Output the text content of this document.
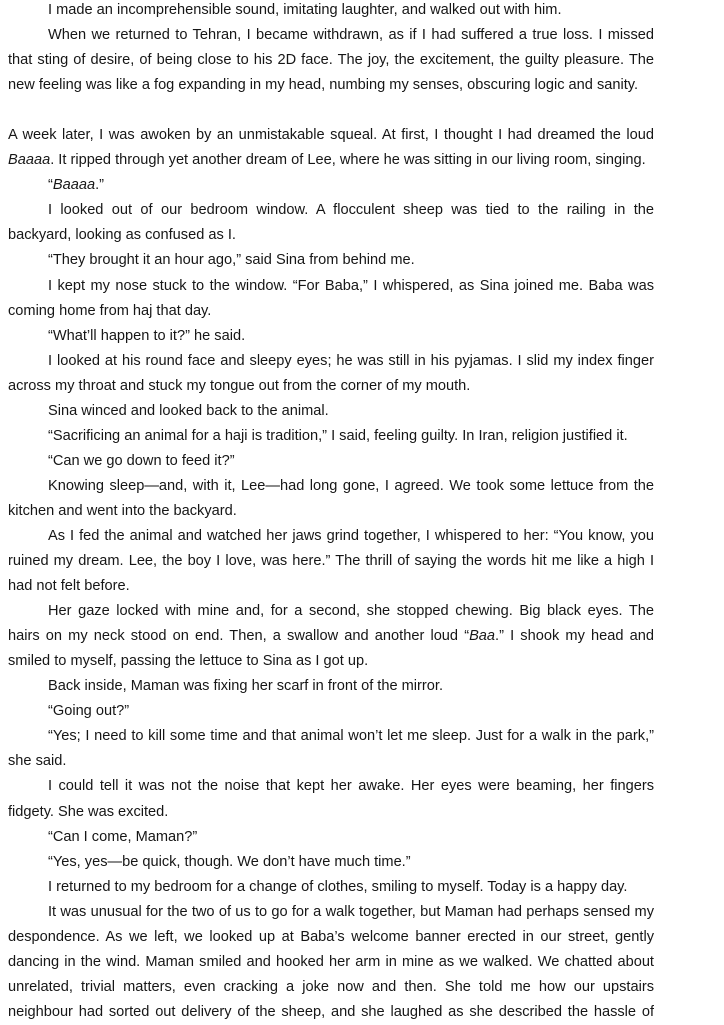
I made an incomprehensible sound, imitating laughter, and walked out with him.
When we returned to Tehran, I became withdrawn, as if I had suffered a true loss. I missed
that sting of desire, of being close to his 2D face. The joy, the excitement, the guilty pleasure. The
new feeling was like a fog expanding in my head, numbing my senses, obscuring logic and sanity.
A week later, I was awoken by an unmistakable squeal. At first, I thought I had dreamed the loud
Baaaa. It ripped through yet another dream of Lee, where he was sitting in our living room, singing.
“Baaaa.”
I looked out of our bedroom window. A flocculent sheep was tied to the railing in the
backyard, looking as confused as I.
“They brought it an hour ago,” said Sina from behind me.
I kept my nose stuck to the window. “For Baba,” I whispered, as Sina joined me. Baba was
coming home from haj that day.
“What’ll happen to it?” he said.
I looked at his round face and sleepy eyes; he was still in his pyjamas. I slid my index finger
across my throat and stuck my tongue out from the corner of my mouth.
Sina winced and looked back to the animal.
“Sacrificing an animal for a haji is tradition,” I said, feeling guilty. In Iran, religion justified it.
“Can we go down to feed it?”
Knowing sleep—and, with it, Lee—had long gone, I agreed. We took some lettuce from the
kitchen and went into the backyard.
As I fed the animal and watched her jaws grind together, I whispered to her: “You know, you
ruined my dream. Lee, the boy I love, was here.” The thrill of saying the words hit me like a high I
had not felt before.
Her gaze locked with mine and, for a second, she stopped chewing. Big black eyes. The
hairs on my neck stood on end. Then, a swallow and another loud “Baa.” I shook my head and
smiled to myself, passing the lettuce to Sina as I got up.
Back inside, Maman was fixing her scarf in front of the mirror.
“Going out?”
“Yes; I need to kill some time and that animal won’t let me sleep. Just for a walk in the park,”
she said.
I could tell it was not the noise that kept her awake. Her eyes were beaming, her fingers
fidgety. She was excited.
“Can I come, Maman?”
“Yes, yes—be quick, though. We don’t have much time.”
I returned to my bedroom for a change of clothes, smiling to myself. Today is a happy day.
It was unusual for the two of us to go for a walk together, but Maman had perhaps sensed my
despondence. As we left, we looked up at Baba’s welcome banner erected in our street, gently
dancing in the wind. Maman smiled and hooked her arm in mine as we walked. We chatted about
unrelated, trivial matters, even cracking a joke now and then. She told me how our upstairs
neighbour had sorted out delivery of the sheep, and she laughed as she described the hassle of
